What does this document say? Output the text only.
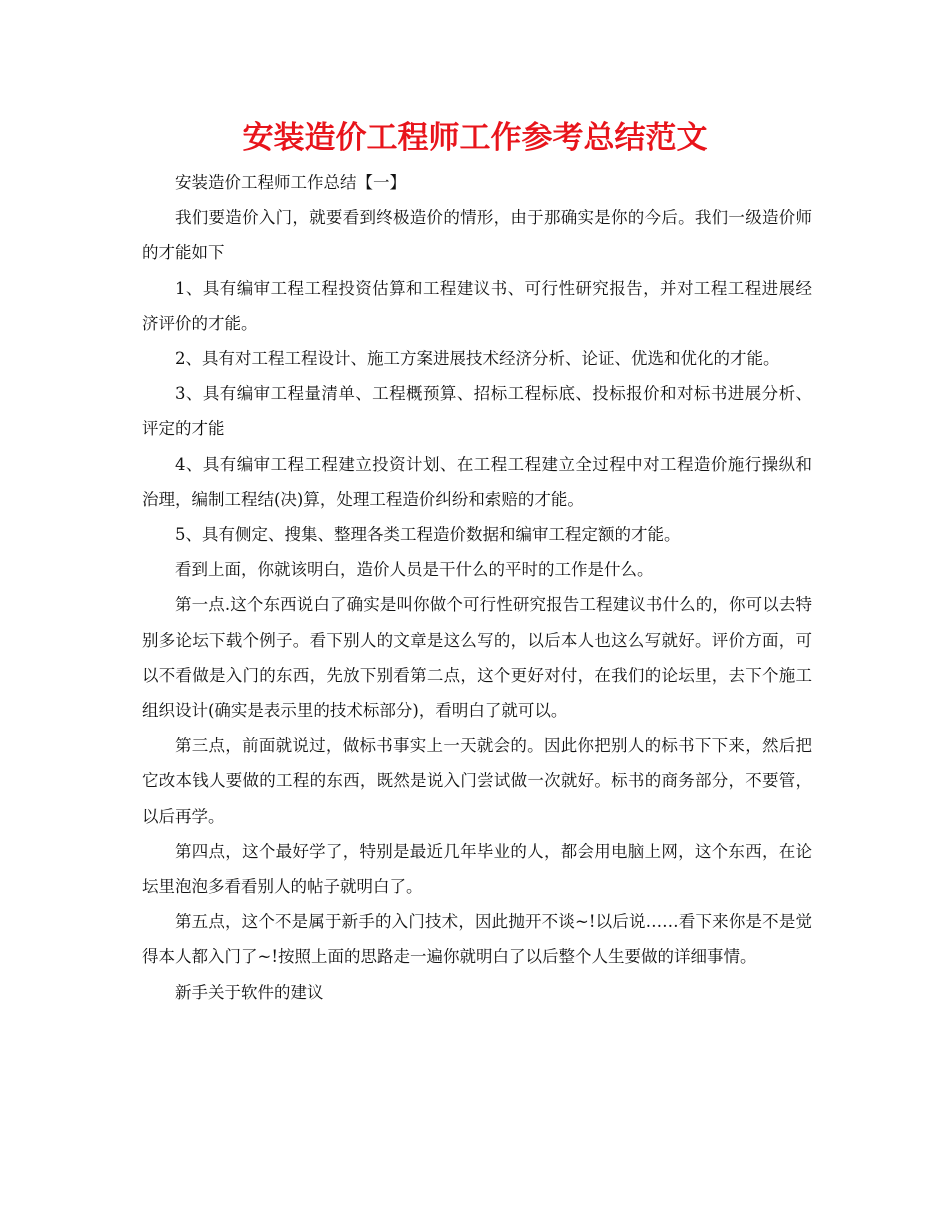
安装造价工程师工作参考总结范文

安装造价工程师工作总结【一】

我们要造价入门，就要看到终极造价的情形，由于那确实是你的今后。我们一级造价师的才能如下

1、具有编审工程工程投资估算和工程建议书、可行性研究报告，并对工程工程进展经济评价的才能。

2、具有对工程工程设计、施工方案进展技术经济分析、论证、优选和优化的才能。

3、具有编审工程量清单、工程概预算、招标工程标底、投标报价和对标书进展分析、评定的才能

4、具有编审工程工程建立投资计划、在工程工程建立全过程中对工程造价施行操纵和治理，编制工程结(决)算，处理工程造价纠纷和索赔的才能。

5、具有侧定、搜集、整理各类工程造价数据和编审工程定额的才能。

看到上面，你就该明白，造价人员是干什么的平时的工作是什么。

第一点.这个东西说白了确实是叫你做个可行性研究报告工程建议书什么的，你可以去特别多论坛下载个例子。看下别人的文章是这么写的，以后本人也这么写就好。评价方面，可以不看做是入门的东西，先放下别看第二点，这个更好对付，在我们的论坛里，去下个施工组织设计(确实是表示里的技术标部分)，看明白了就可以。

第三点，前面就说过，做标书事实上一天就会的。因此你把别人的标书下下来，然后把它改本钱人要做的工程的东西，既然是说入门尝试做一次就好。标书的商务部分，不要管，以后再学。

第四点，这个最好学了，特别是最近几年毕业的人，都会用电脑上网，这个东西，在论坛里泡泡多看看别人的帖子就明白了。

第五点，这个不是属于新手的入门技术，因此抛开不谈~!以后说……看下来你是不是觉得本人都入门了~!按照上面的思路走一遍你就明白了以后整个人生要做的详细事情。

新手关于软件的建议
